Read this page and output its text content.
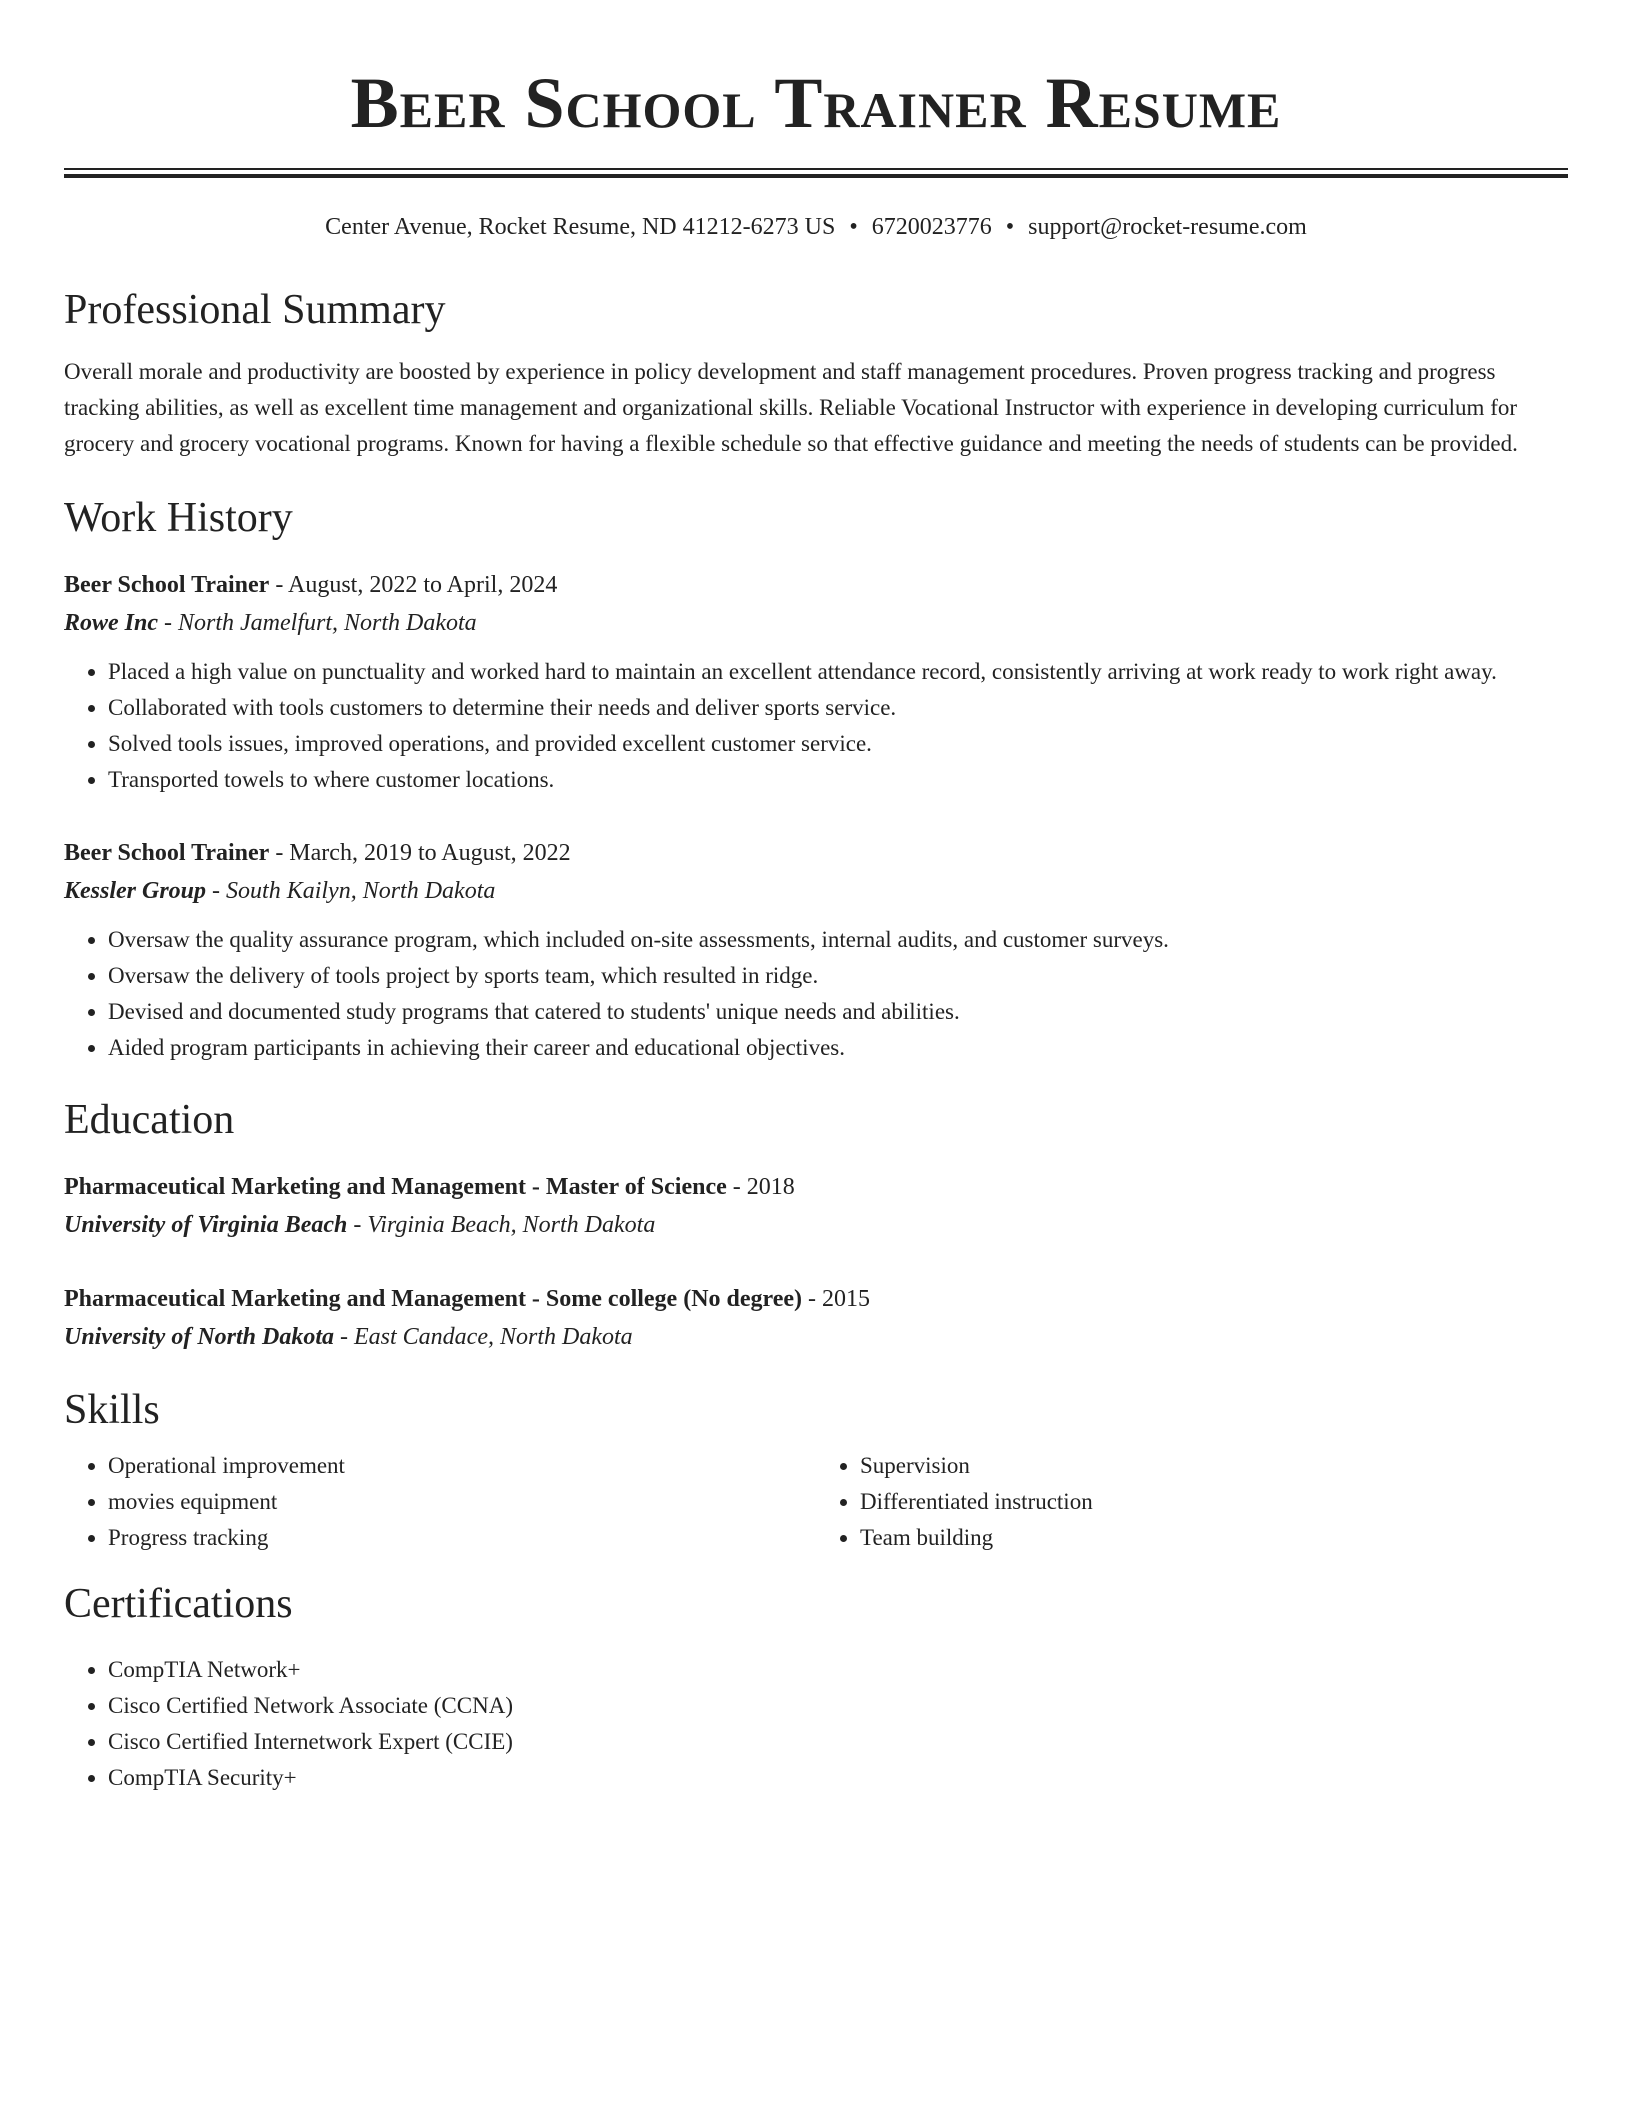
Beer School Trainer Resume
Center Avenue, Rocket Resume, ND 41212-6273 US • 6720023776 • support@rocket-resume.com
Professional Summary

Overall morale and productivity are boosted by experience in policy development and staff management procedures. Proven progress tracking and progress tracking abilities, as well as excellent time management and organizational skills. Reliable Vocational Instructor with experience in developing curriculum for grocery and grocery vocational programs. Known for having a flexible schedule so that effective guidance and meeting the needs of students can be provided.

Work History
Beer School Trainer - August, 2022 to April, 2024
Rowe Inc - North Jamelfurt, North Dakota
• Placed a high value on punctuality and worked hard to maintain an excellent attendance record, consistently arriving at work ready to work right away.
• Collaborated with tools customers to determine their needs and deliver sports service.
• Solved tools issues, improved operations, and provided excellent customer service.
• Transported towels to where customer locations.
Beer School Trainer - March, 2019 to August, 2022
Kessler Group - South Kailyn, North Dakota
• Oversaw the quality assurance program, which included on-site assessments, internal audits, and customer surveys.
• Oversaw the delivery of tools project by sports team, which resulted in ridge.
• Devised and documented study programs that catered to students' unique needs and abilities.
• Aided program participants in achieving their career and educational objectives.
Education
Pharmaceutical Marketing and Management - Master of Science - 2018
University of Virginia Beach - Virginia Beach, North Dakota
Pharmaceutical Marketing and Management - Some college (No degree) - 2015
University of North Dakota - East Candace, North Dakota
Skills
• Operational improvement
• movies equipment
• Progress tracking
• Supervision
• Differentiated instruction
• Team building
Certifications
• CompTIA Network+
• Cisco Certified Network Associate (CCNA)
• Cisco Certified Internetwork Expert (CCIE)
• CompTIA Security+
